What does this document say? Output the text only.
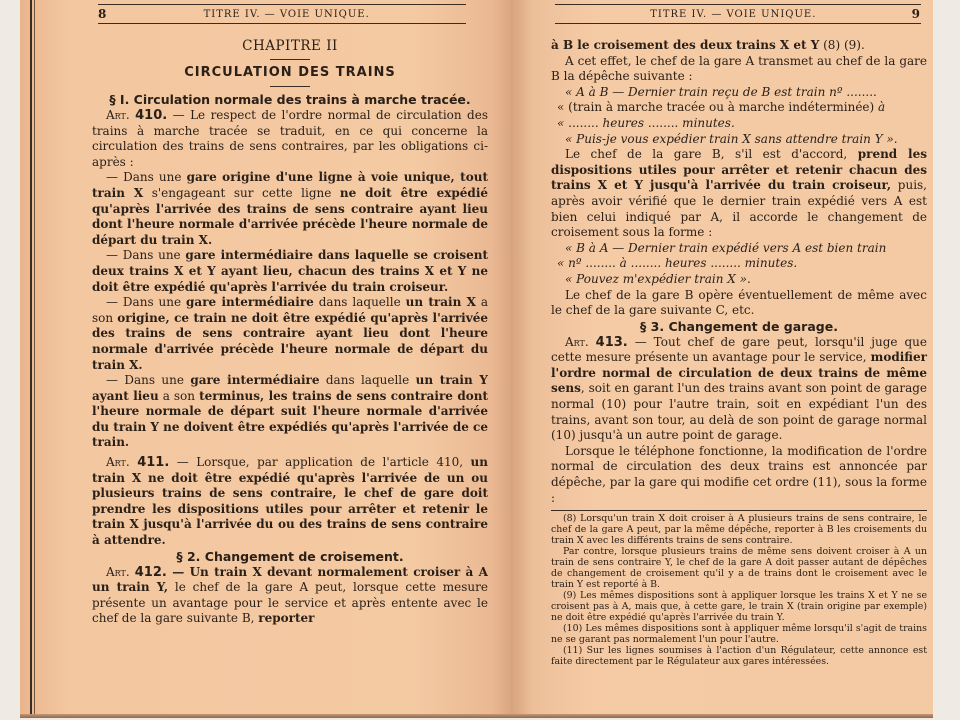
8	TITRE IV. — VOIE UNIQUE.
CHAPITRE II
CIRCULATION DES TRAINS

§ I. Circulation normale des trains à marche tracée.

Art. 410. — Le respect de l'ordre normal de circulation des trains à marche tracée se traduit, en ce qui concerne la circulation des trains de sens contraires, par les obligations ci-après :

— Dans une gare origine d'une ligne à voie unique, tout train X s'engageant sur cette ligne ne doit être expédié qu'après l'arrivée des trains de sens contraire ayant lieu dont l'heure normale d'arrivée précède l'heure normale de départ du train X.

— Dans une gare intermédiaire dans laquelle se croisent deux trains X et Y ayant lieu, chacun des trains X et Y ne doit être expédié qu'après l'arrivée du train croiseur.

— Dans une gare intermédiaire dans laquelle un train X a son origine, ce train ne doit être expédié qu'après l'arrivée des trains de sens contraire ayant lieu dont l'heure normale d'arrivée précède l'heure normale de départ du train X.

— Dans une gare intermédiaire dans laquelle un train Y ayant lieu a son terminus, les trains de sens contraire dont l'heure normale de départ suit l'heure normale d'arrivée du train Y ne doivent être expédiés qu'après l'arrivée de ce train.

Art. 411. — Lorsque, par application de l'article 410, un train X ne doit être expédié qu'après l'arrivée de un ou plusieurs trains de sens contraire, le chef de gare doit prendre les dispositions utiles pour arrêter et retenir le train X jusqu'à l'arrivée du ou des trains de sens contraire à attendre.

§ 2. Changement de croisement.

Art. 412. — Un train X devant normalement croiser à A un train Y, le chef de la gare A peut, lorsque cette mesure présente un avantage pour le service et après entente avec le chef de la gare suivante B, reporter

TITRE IV. — VOIE UNIQUE.	9

à B le croisement des deux trains X et Y (8) (9).

A cet effet, le chef de la gare A transmet au chef de la gare B la dépêche suivante :

« A à B — Dernier train reçu de B est train nº ........

« (train à marche tracée ou à marche indéterminée) à

« ........ heures ........ minutes.

« Puis-je vous expédier train X sans attendre train Y ».

Le chef de la gare B, s'il est d'accord, prend les dispositions utiles pour arrêter et retenir chacun des trains X et Y jusqu'à l'arrivée du train croiseur, puis, après avoir vérifié que le dernier train expédié vers A est bien celui indiqué par A, il accorde le changement de croisement sous la forme :

« B à A — Dernier train expédié vers A est bien train

« nº ........ à ........ heures ........ minutes.

« Pouvez m'expédier train X ».

Le chef de la gare B opère éventuellement de même avec le chef de la gare suivante C, etc.

§ 3. Changement de garage.

Art. 413. — Tout chef de gare peut, lorsqu'il juge que cette mesure présente un avantage pour le service, modifier l'ordre normal de circulation de deux trains de même sens, soit en garant l'un des trains avant son point de garage normal (10) pour l'autre train, soit en expédiant l'un des trains, avant son tour, au delà de son point de garage normal (10) jusqu'à un autre point de garage.

Lorsque le téléphone fonctionne, la modification de l'ordre normal de circulation des deux trains est annoncée par dépêche, par la gare qui modifie cet ordre (11), sous la forme :

(8) Lorsqu'un train X doit croiser à A plusieurs trains de sens contraire, le chef de la gare A peut, par la même dépêche, reporter à B les croisements du train X avec les différents trains de sens contraire.

Par contre, lorsque plusieurs trains de même sens doivent croiser à A un train de sens contraire Y, le chef de la gare A doit passer autant de dépêches de changement de croisement qu'il y a de trains dont le croisement avec le train Y est reporté à B.

(9) Les mêmes dispositions sont à appliquer lorsque les trains X et Y ne se croisent pas à A, mais que, à cette gare, le train X (train origine par exemple) ne doit être expédié qu'après l'arrivée du train Y.

(10) Les mêmes dispositions sont à appliquer même lorsqu'il s'agit de trains ne se garant pas normalement l'un pour l'autre.

(11) Sur les lignes soumises à l'action d'un Régulateur, cette annonce est faite directement par le Régulateur aux gares intéressées.
